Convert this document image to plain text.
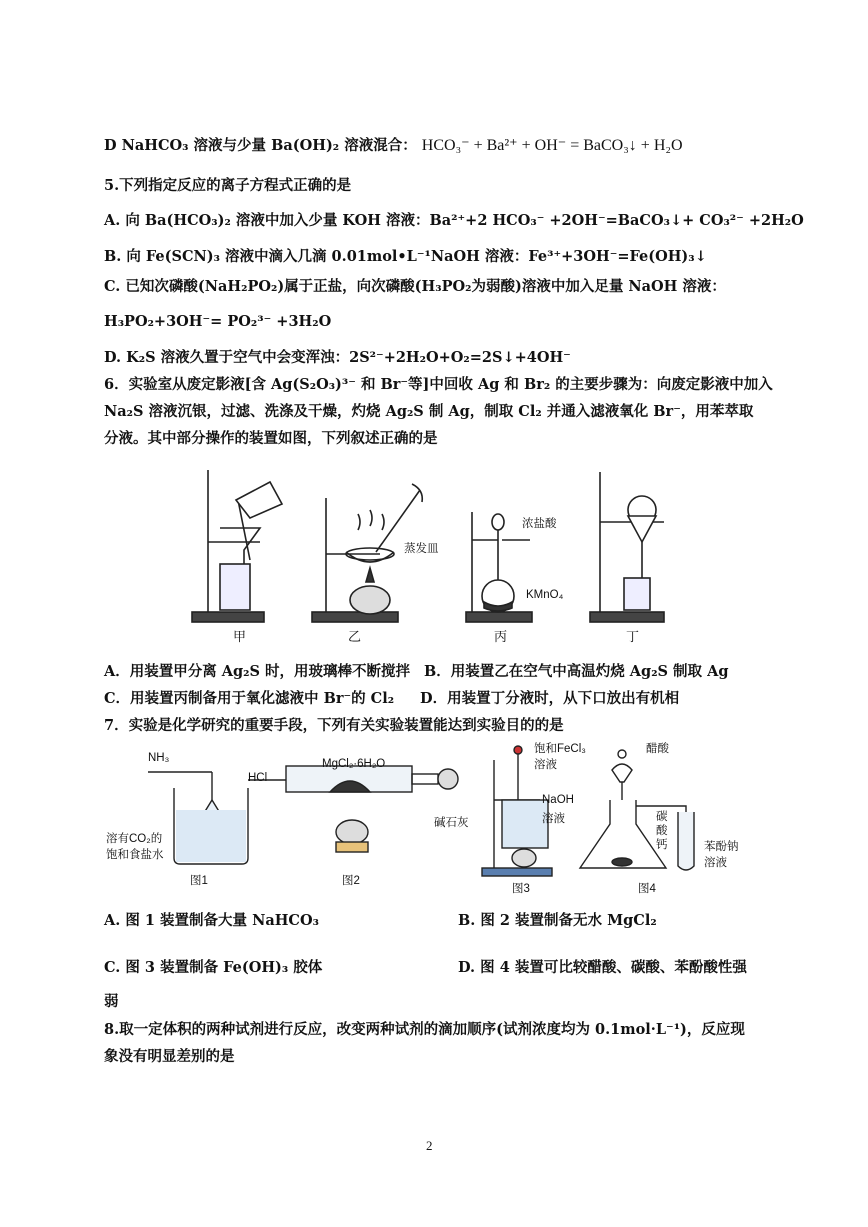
D NaHCO₃ 溶液与少量 Ba(OH)₂ 溶液混合： HCO₃⁻ + Ba²⁺ + OH⁻ = BaCO₃↓ + H₂O
5.下列指定反应的离子方程式正确的是
A. 向 Ba(HCO₃)₂ 溶液中加入少量 KOH 溶液：Ba²⁺+2 HCO₃⁻ +2OH⁻=BaCO₃↓+ CO₃²⁻ +2H₂O
B. 向 Fe(SCN)₃ 溶液中滴入几滴 0.01mol•L⁻¹NaOH 溶液：Fe³⁺+3OH⁻=Fe(OH)₃↓
C. 已知次磷酸(NaH₂PO₂)属于正盐，向次磷酸(H₃PO₂为弱酸)溶液中加入足量 NaOH 溶液：
H₃PO₂+3OH⁻= PO₂³⁻ +3H₂O
D. K₂S 溶液久置于空气中会变浑浊：2S²⁻+2H₂O+O₂=2S↓+4OH⁻
6．实验室从废定影液[含 Ag(S₂O₃)³⁻ 和 Br⁻等]中回收 Ag 和 Br₂ 的主要步骤为：向废定影液中加入
Na₂S 溶液沉银，过滤、洗涤及干燥，灼烧 Ag₂S 制 Ag，制取 Cl₂ 并通入滤液氧化 Br⁻，用苯萃取
分液。其中部分操作的装置如图，下列叙述正确的是
蒸发皿
浓盐酸
KMnO₄
甲	乙	丙	丁
A．用装置甲分离 Ag₂S 时，用玻璃棒不断搅拌 B．用装置乙在空气中高温灼烧 Ag₂S 制取 Ag
C．用装置丙制备用于氧化滤液中 Br⁻的 Cl₂ D．用装置丁分液时，从下口放出有机相
7．实验是化学研究的重要手段，下列有关实验装置能达到实验目的的是
NH₃
溶有CO₂的
饱和食盐水
图1
HCl
MgCl₂·6H₂O
碱石灰
图2
饱和FeCl₃
溶液
NaOH
溶液
图3
醋酸
碳
酸
钙	苯酚钠
溶液
图4
A. 图 1 装置制备大量 NaHCO₃	B. 图 2 装置制备无水 MgCl₂
C. 图 3 装置制备 Fe(OH)₃ 胶体	D. 图 4 装置可比较醋酸、碳酸、苯酚酸性强
弱
8.取一定体积的两种试剂进行反应，改变两种试剂的滴加顺序(试剂浓度均为 0.1mol·L⁻¹)，反应现
象没有明显差别的是
2
